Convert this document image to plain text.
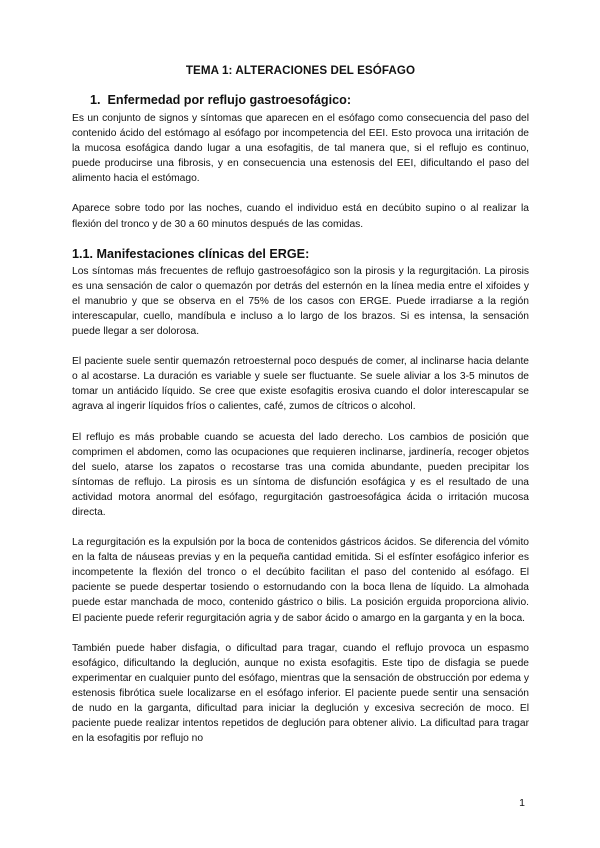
TEMA 1: ALTERACIONES DEL ESÓFAGO
1. Enfermedad por reflujo gastroesofágico:

Es un conjunto de signos y síntomas que aparecen en el esófago como consecuencia del paso del contenido ácido del estómago al esófago por incompetencia del EEI. Esto provoca una irritación de la mucosa esofágica dando lugar a una esofagitis, de tal manera que, si el reflujo es continuo, puede producirse una fibrosis, y en consecuencia una estenosis del EEI, dificultando el paso del alimento hacia el estómago.

Aparece sobre todo por las noches, cuando el individuo está en decúbito supino o al realizar la flexión del tronco y de 30 a 60 minutos después de las comidas.

1.1. Manifestaciones clínicas del ERGE:

Los síntomas más frecuentes de reflujo gastroesofágico son la pirosis y la regurgitación. La pirosis es una sensación de calor o quemazón por detrás del esternón en la línea media entre el xifoides y el manubrio y que se observa en el 75% de los casos con ERGE. Puede irradiarse a la región interescapular, cuello, mandíbula e incluso a lo largo de los brazos. Si es intensa, la sensación puede llegar a ser dolorosa.

El paciente suele sentir quemazón retroesternal poco después de comer, al inclinarse hacia delante o al acostarse. La duración es variable y suele ser fluctuante. Se suele aliviar a los 3-5 minutos de tomar un antiácido líquido. Se cree que existe esofagitis erosiva cuando el dolor interescapular se agrava al ingerir líquidos fríos o calientes, café, zumos de cítricos o alcohol.

El reflujo es más probable cuando se acuesta del lado derecho. Los cambios de posición que comprimen el abdomen, como las ocupaciones que requieren inclinarse, jardinería, recoger objetos del suelo, atarse los zapatos o recostarse tras una comida abundante, pueden precipitar los síntomas de reflujo. La pirosis es un síntoma de disfunción esofágica y es el resultado de una actividad motora anormal del esófago, regurgitación gastroesofágica ácida o irritación mucosa directa.

La regurgitación es la expulsión por la boca de contenidos gástricos ácidos. Se diferencia del vómito en la falta de náuseas previas y en la pequeña cantidad emitida. Si el esfínter esofágico inferior es incompetente la flexión del tronco o el decúbito facilitan el paso del contenido al esófago. El paciente se puede despertar tosiendo o estornudando con la boca llena de líquido. La almohada puede estar manchada de moco, contenido gástrico o bilis. La posición erguida proporciona alivio. El paciente puede referir regurgitación agria y de sabor ácido o amargo en la garganta y en la boca.

También puede haber disfagia, o dificultad para tragar, cuando el reflujo provoca un espasmo esofágico, dificultando la deglución, aunque no exista esofagitis. Este tipo de disfagia se puede experimentar en cualquier punto del esófago, mientras que la sensación de obstrucción por edema y estenosis fibrótica suele localizarse en el esófago inferior. El paciente puede sentir una sensación de nudo en la garganta, dificultad para iniciar la deglución y excesiva secreción de moco. El paciente puede realizar intentos repetidos de deglución para obtener alivio. La dificultad para tragar en la esofagitis por reflujo no

1
